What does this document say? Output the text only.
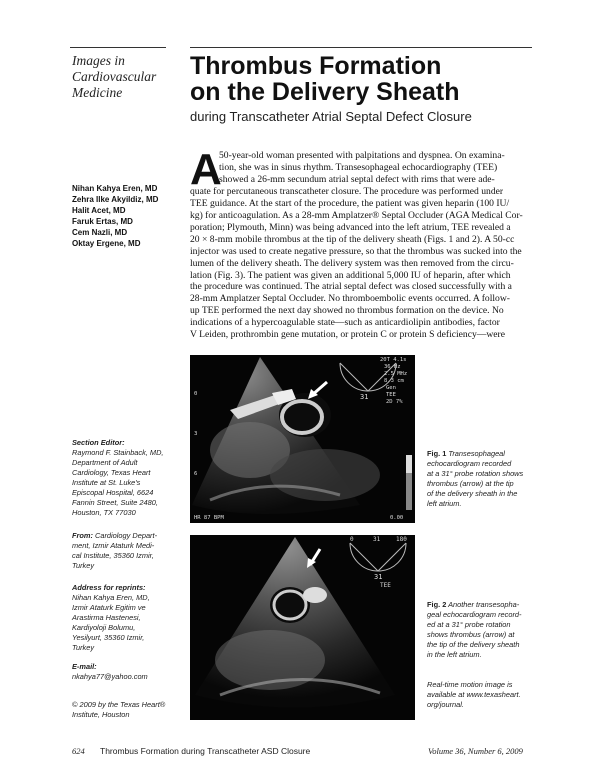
Images in
Cardiovascular
Medicine
Thrombus Formation
on the Delivery Sheath
during Transcatheter Atrial Septal Defect Closure
Nihan Kahya Eren, MD
Zehra Ilke Akyildiz, MD
Halit Acet, MD
Faruk Ertas, MD
Cem Nazli, MD
Oktay Ergene, MD
A
50-year-old woman presented with palpitations and dyspnea. On examina-
tion, she was in sinus rhythm. Transesophageal echocardiography (TEE)
showed a 26-mm secundum atrial septal defect with rims that were ade-
quate for percutaneous transcatheter closure. The procedure was performed under
TEE guidance. At the start of the procedure, the patient was given heparin (100 IU/
kg) for anticoagulation. As a 28-mm Amplatzer® Septal Occluder (AGA Medical Cor-
poration; Plymouth, Minn) was being advanced into the left atrium, TEE revealed a
20 × 8-mm mobile thrombus at the tip of the delivery sheath (Figs. 1 and 2). A 50-cc
injector was used to create negative pressure, so that the thrombus was sucked into the
lumen of the delivery sheath. The delivery system was then removed from the circu-
lation (Fig. 3). The patient was given an additional 5,000 IU of heparin, after which
the procedure was continued. The atrial septal defect was closed successfully with a
28-mm Amplatzer Septal Occluder. No thromboembolic events occurred. A follow-
up TEE performed the next day showed no thrombus formation on the device. No
indications of a hypercoagulable state—such as anticardiolipin antibodies, factor
V Leiden, prothrombin gene mutation, or protein C or protein S deficiency—were
Section Editor:
Raymond F. Stainback, MD,
Department of Adult
Cardiology, Texas Heart
Institute at St. Luke's
Episcopal Hospital, 6624
Fannin Street, Suite 2480,
Houston, TX 77030
From: Cardiology Depart-
ment, Izmir Ataturk Medi-
cal Institute, 35360 Izmir,
Turkey
Address for reprints:
Nihan Kahya Eren, MD,
Izmir Ataturk Egitim ve
Arastirma Hastenesi,
Kardiyoloji Bolumu,
Yesilyurt, 35360 Izmir,
Turkey
E-mail:
nkahya77@yahoo.com
© 2009 by the Texas Heart®
Institute, Houston
20T 4.1s
36 Hz
2.5 MHz
8.3 cm
Gen
TEE
2D 7%
31
0
3
6
HR 87 BPM	0.00
0	31	180
31
TEE
Fig. 1 Transesophageal
echocardiogram recorded
at a 31° probe rotation shows
thrombus (arrow) at the tip
of the delivery sheath in the
left atrium.
Fig. 2 Another transesopha-
geal echocardiogram record-
ed at a 31° probe rotation
shows thrombus (arrow) at
the tip of the delivery sheath
in the left atrium.
Real-time motion image is
available at www.texasheart.
org/journal.
624 Thrombus Formation during Transcatheter ASD Closure	Volume 36, Number 6, 2009
